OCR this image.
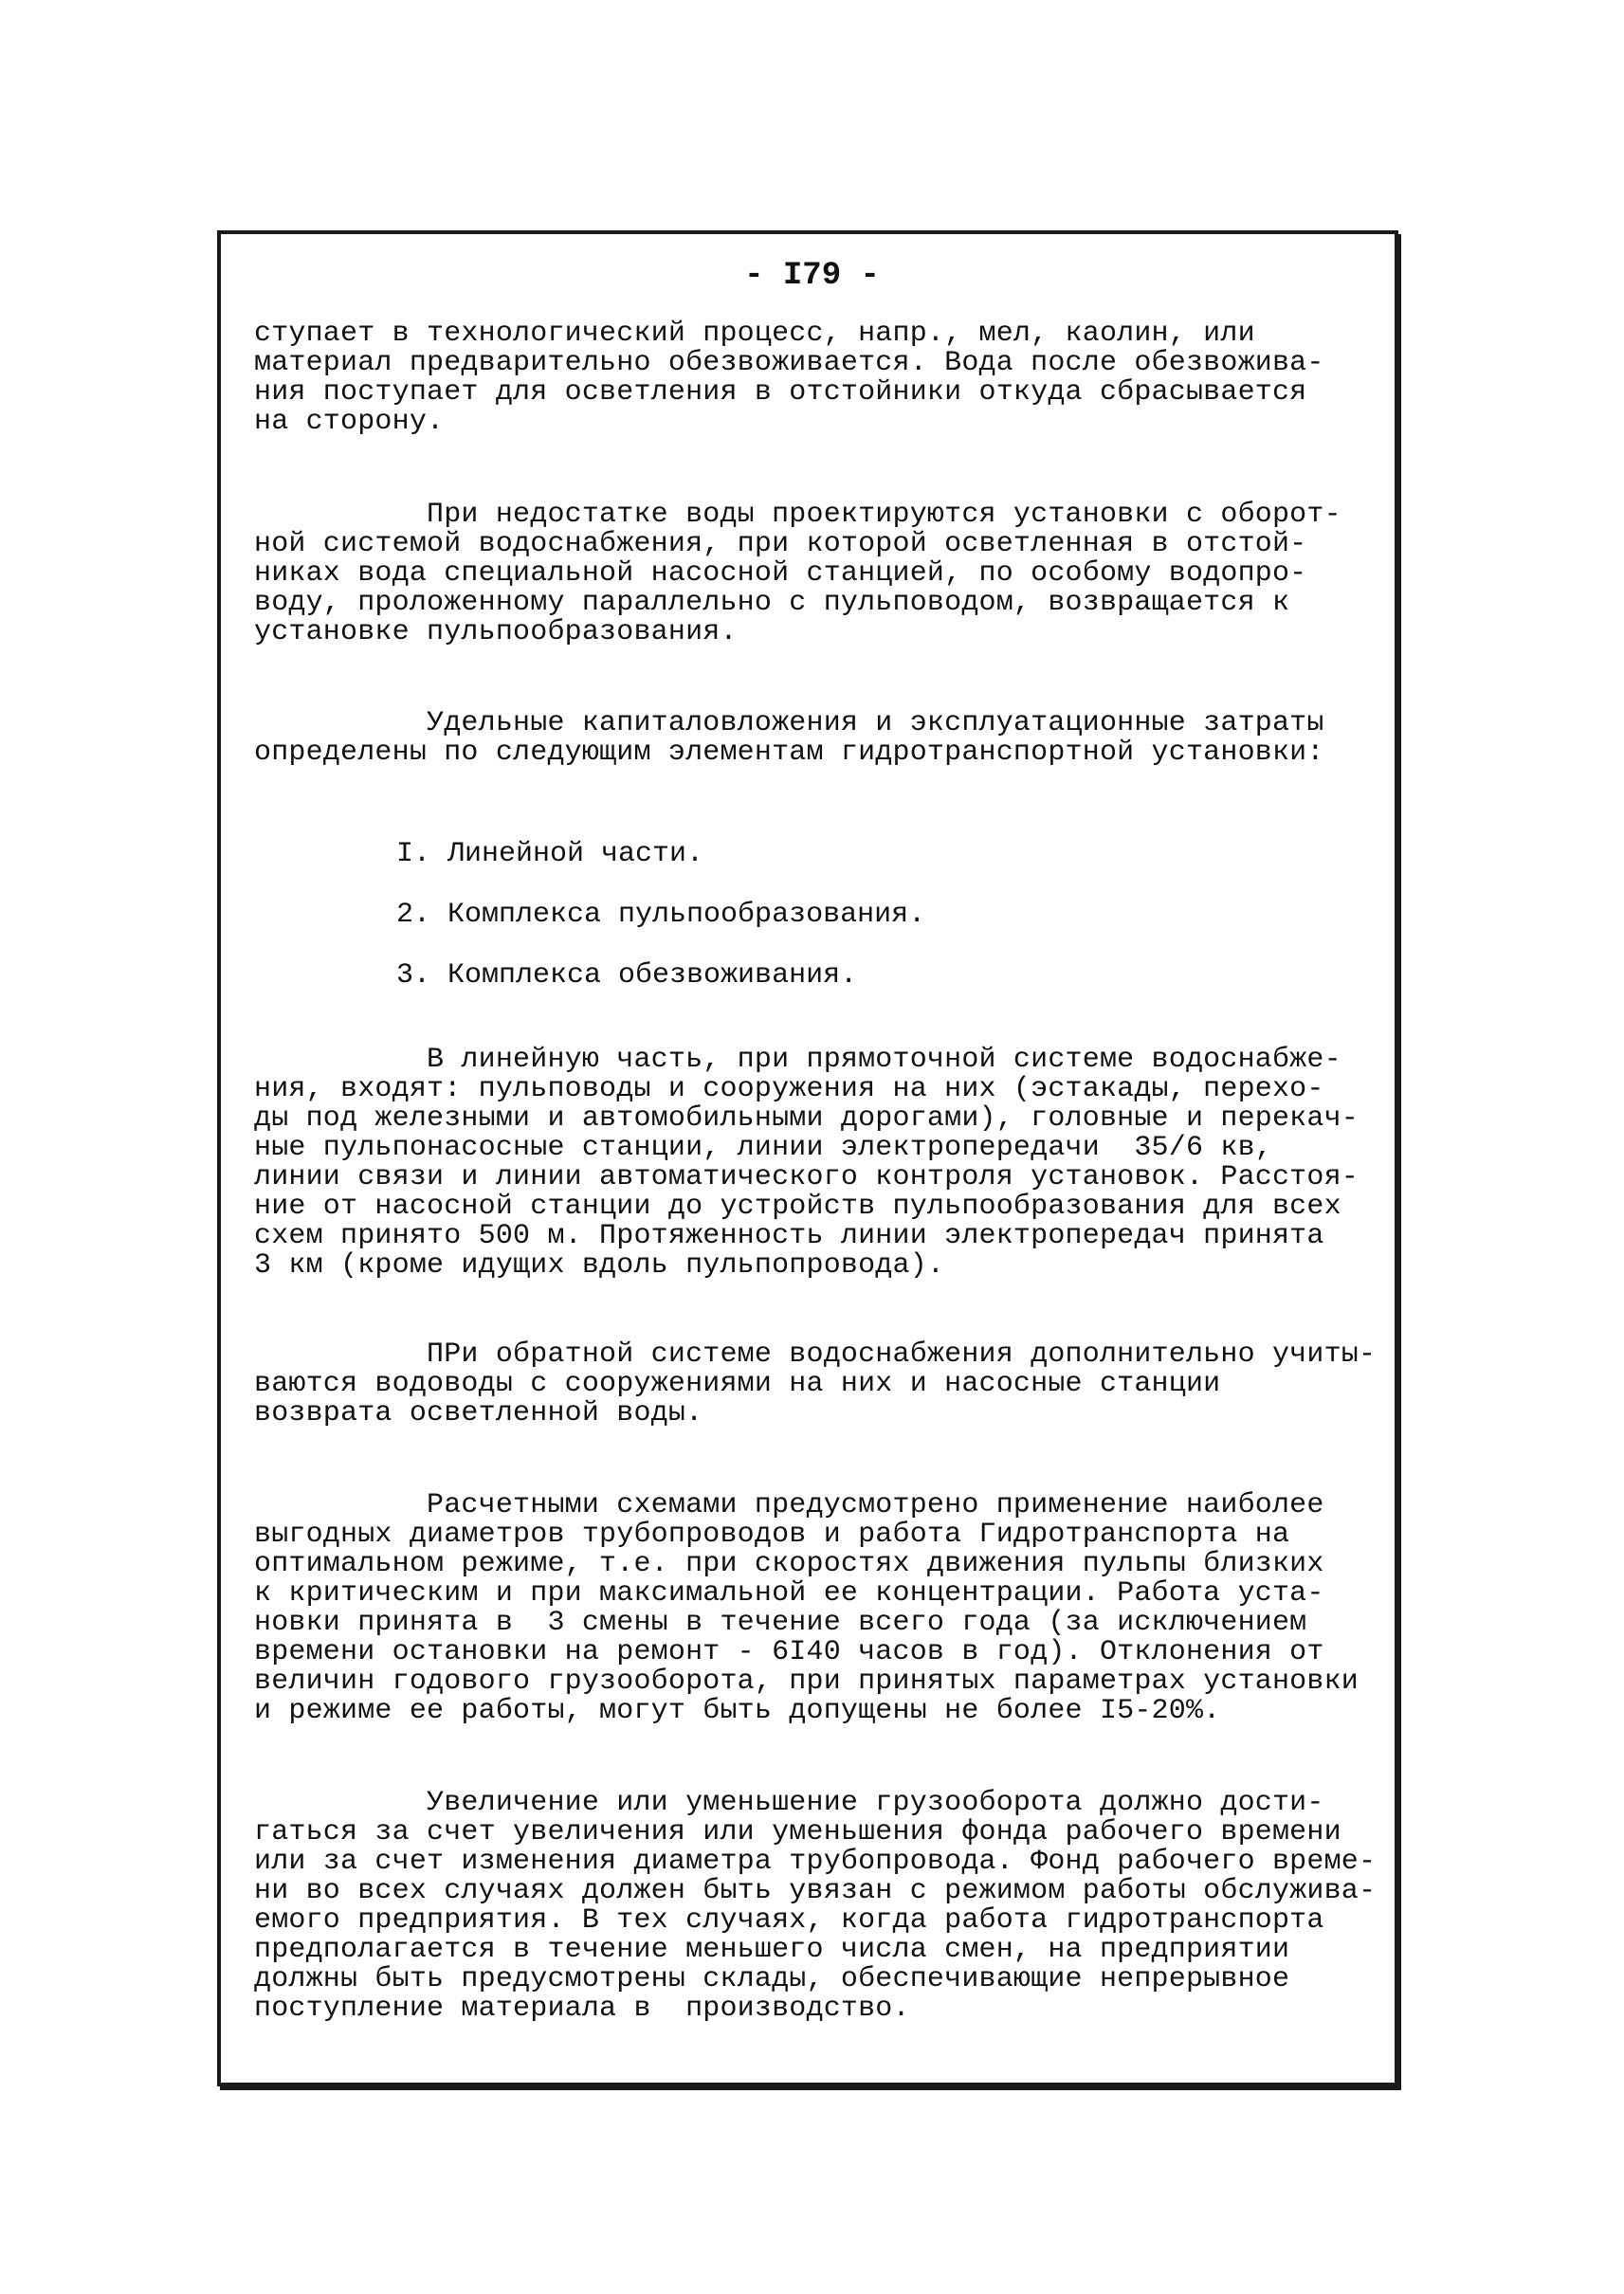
- I79 -
ступает в технологический процесс, напр., мел, каолин, или
материал предварительно обезвоживается. Вода после обезвожива-
ния поступает для осветления в отстойники откуда сбрасывается
на сторону.
При недостатке воды проектируются установки с оборот-
ной системой водоснабжения, при которой осветленная в отстой-
никах вода специальной насосной станцией, по особому водопро-
воду, проложенному параллельно с пульповодом, возвращается к
установке пульпообразования.
Удельные капиталовложения и эксплуатационные затраты
определены по следующим элементам гидротранспортной установки:
I. Линейной части.
2. Комплекса пульпообразования.
3. Комплекса обезвоживания.
В линейную часть, при прямоточной системе водоснабже-
ния, входят: пульповоды и сооружения на них (эстакады, перехо-
ды под железными и автомобильными дорогами), головные и перекач-
ные пульпонасосные станции, линии электропередачи  35/6 кв,
линии связи и линии автоматического контроля установок. Расстоя-
ние от насосной станции до устройств пульпообразования для всех
схем принято 500 м. Протяженность линии электропередач принята
3 км (кроме идущих вдоль пульпопровода).
ПРи обратной системе водоснабжения дополнительно учиты-
ваются водоводы с сооружениями на них и насосные станции
возврата осветленной воды.
Расчетными схемами предусмотрено применение наиболее
выгодных диаметров трубопроводов и работа Гидротранспорта на
оптимальном режиме, т.е. при скоростях движения пульпы близких
к критическим и при максимальной ее концентрации. Работа уста-
новки принята в  3 смены в течение всего года (за исключением
времени остановки на ремонт - 6I40 часов в год). Отклонения от
величин годового грузооборота, при принятых параметрах установки
и режиме ее работы, могут быть допущены не более I5-20%.
Увеличение или уменьшение грузооборота должно дости-
гаться за счет увеличения или уменьшения фонда рабочего времени
или за счет изменения диаметра трубопровода. Фонд рабочего време-
ни во всех случаях должен быть увязан с режимом работы обслужива-
емого предприятия. В тех случаях, когда работа гидротранспорта
предполагается в течение меньшего числа смен, на предприятии
должны быть предусмотрены склады, обеспечивающие непрерывное
поступление материала в  производство.
